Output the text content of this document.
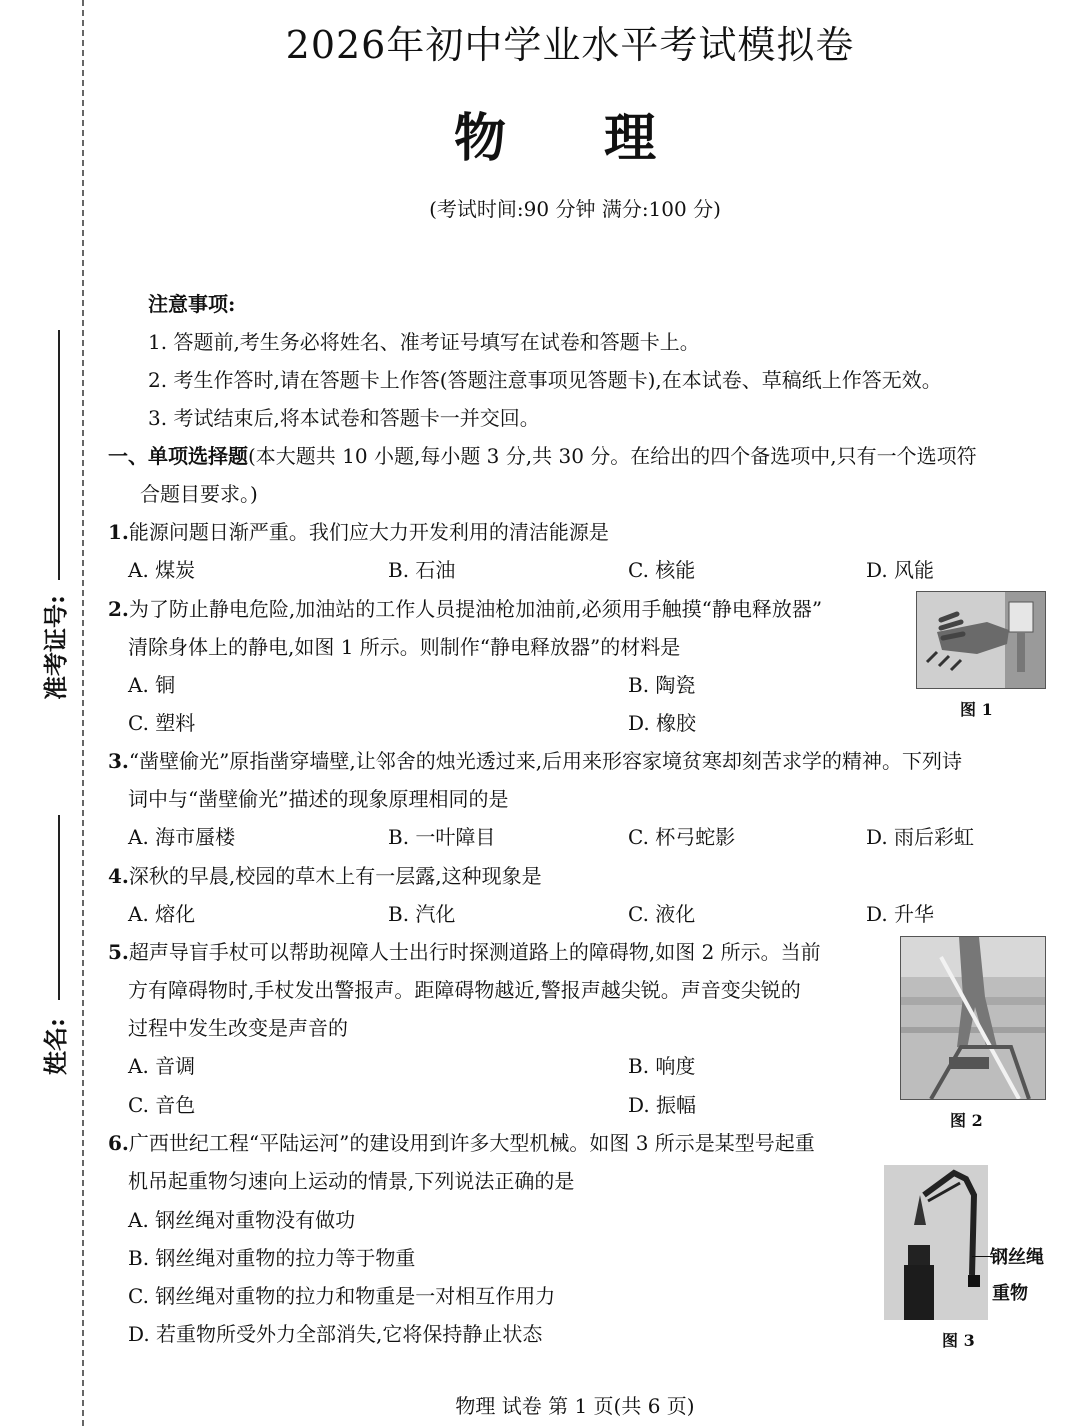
准考证号:
姓名:
2026年初中学业水平考试模拟卷
物 理
(考试时间:90 分钟 满分:100 分)
注意事项:
1. 答题前,考生务必将姓名、准考证号填写在试卷和答题卡上。
2. 考生作答时,请在答题卡上作答(答题注意事项见答题卡),在本试卷、草稿纸上作答无效。
3. 考试结束后,将本试卷和答题卡一并交回。
一、单项选择题(本大题共 10 小题,每小题 3 分,共 30 分。在给出的四个备选项中,只有一个选项符
合题目要求。)
1.能源问题日渐严重。我们应大力开发利用的清洁能源是
A. 煤炭	B. 石油	C. 核能	D. 风能
2.为了防止静电危险,加油站的工作人员提油枪加油前,必须用手触摸“静电释放器”
清除身体上的静电,如图 1 所示。则制作“静电释放器”的材料是
A. 铜	B. 陶瓷
C. 塑料	D. 橡胶
图 1
3.“凿壁偷光”原指凿穿墙壁,让邻舍的烛光透过来,后用来形容家境贫寒却刻苦求学的精神。下列诗
词中与“凿壁偷光”描述的现象原理相同的是
A. 海市蜃楼	B. 一叶障目	C. 杯弓蛇影	D. 雨后彩虹
4.深秋的早晨,校园的草木上有一层露,这种现象是
A. 熔化	B. 汽化	C. 液化	D. 升华
5.超声导盲手杖可以帮助视障人士出行时探测道路上的障碍物,如图 2 所示。当前
方有障碍物时,手杖发出警报声。距障碍物越近,警报声越尖锐。声音变尖锐的
过程中发生改变是声音的
A. 音调	B. 响度
C. 音色	D. 振幅
图 2
6.广西世纪工程“平陆运河”的建设用到许多大型机械。如图 3 所示是某型号起重
机吊起重物匀速向上运动的情景,下列说法正确的是
A. 钢丝绳对重物没有做功
B. 钢丝绳对重物的拉力等于物重
C. 钢丝绳对重物的拉力和物重是一对相互作用力
D. 若重物所受外力全部消失,它将保持静止状态
钢丝绳
重物
图 3
物理 试卷 第 1 页(共 6 页)
